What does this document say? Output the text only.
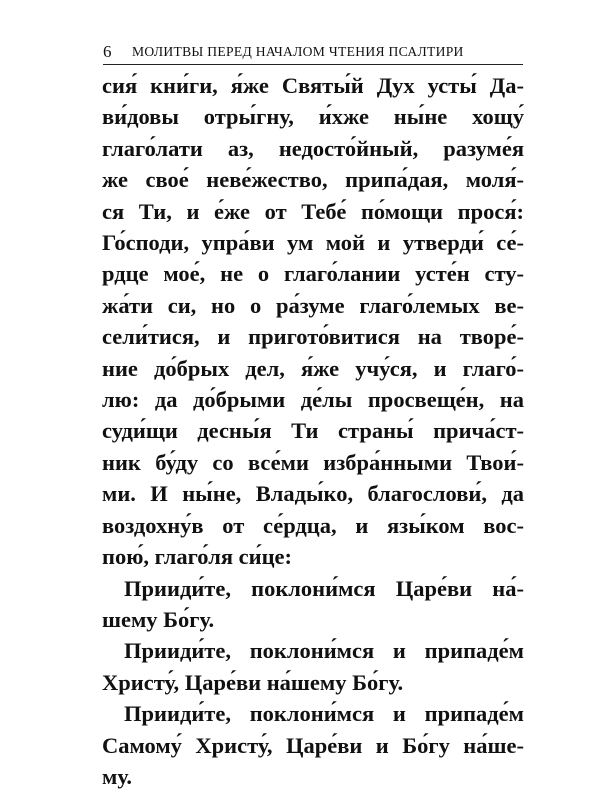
6 МОЛИТВЫ ПЕРЕД НАЧАЛОМ ЧТЕНИЯ ПСАЛТИРИ
сия́ кни́ги, я́же Святы́й Дух усты́ Да-
ви́довы отры́гну, и́хже ны́не хощу́
глаго́лати аз, недосто́йный, разуме́я
же свое́ неве́жество, припа́дая, моля́-
ся Ти, и е́же от Тебе́ по́мощи прося́:
Го́споди, упра́ви ум мой и утверди́ се́-
рдце мое́, не о глаго́лании усте́н сту-
жа́ти си, но о ра́зуме глаго́лемых ве-
сели́тися, и пригото́витися на творе́-
ние до́брых дел, я́же учу́ся, и глаго́-
лю: да до́брыми де́лы просвеще́н, на
суди́щи десны́я Ти страны́ прича́ст-
ник бу́ду со все́ми избра́нными Твои́-
ми. И ны́не, Влады́ко, благослови́, да
воздохну́в от се́рдца, и язы́ком вос-
пою́, глаго́ля си́це:
Прииди́те, поклони́мся Царе́ви на́-
шему Бо́гу.
Прииди́те, поклони́мся и припаде́м
Христу́, Царе́ви на́шему Бо́гу.
Прииди́те, поклони́мся и припаде́м
Самому́ Христу́, Царе́ви и Бо́гу на́ше-
му.
